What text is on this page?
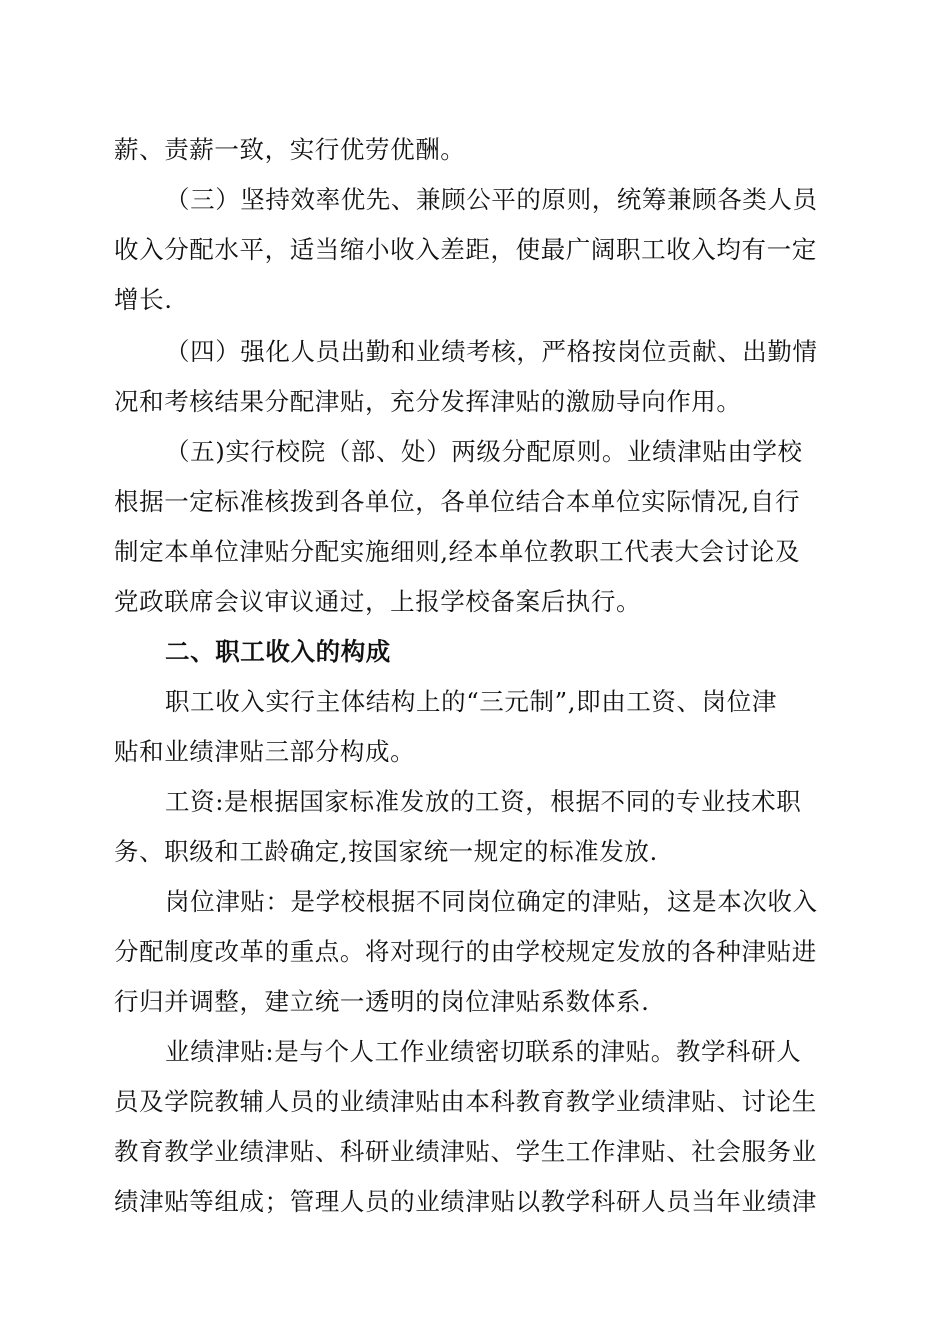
薪、责薪一致，实行优劳优酬。
（三）坚持效率优先、兼顾公平的原则，统筹兼顾各类人员
收入分配水平，适当缩小收入差距，使最广阔职工收入均有一定
增长.
（四）强化人员出勤和业绩考核，严格按岗位贡献、出勤情
况和考核结果分配津贴，充分发挥津贴的激励导向作用。
（五)实行校院（部、处）两级分配原则。业绩津贴由学校
根据一定标准核拨到各单位，各单位结合本单位实际情况,自行
制定本单位津贴分配实施细则,经本单位教职工代表大会讨论及
党政联席会议审议通过，上报学校备案后执行。
二、职工收入的构成
职工收入实行主体结构上的“三元制”,即由工资、岗位津
贴和业绩津贴三部分构成。
工资:是根据国家标准发放的工资，根据不同的专业技术职
务、职级和工龄确定,按国家统一规定的标准发放.
岗位津贴：是学校根据不同岗位确定的津贴，这是本次收入
分配制度改革的重点。将对现行的由学校规定发放的各种津贴进
行归并调整，建立统一透明的岗位津贴系数体系.
业绩津贴:是与个人工作业绩密切联系的津贴。教学科研人
员及学院教辅人员的业绩津贴由本科教育教学业绩津贴、讨论生
教育教学业绩津贴、科研业绩津贴、学生工作津贴、社会服务业
绩津贴等组成；管理人员的业绩津贴以教学科研人员当年业绩津
